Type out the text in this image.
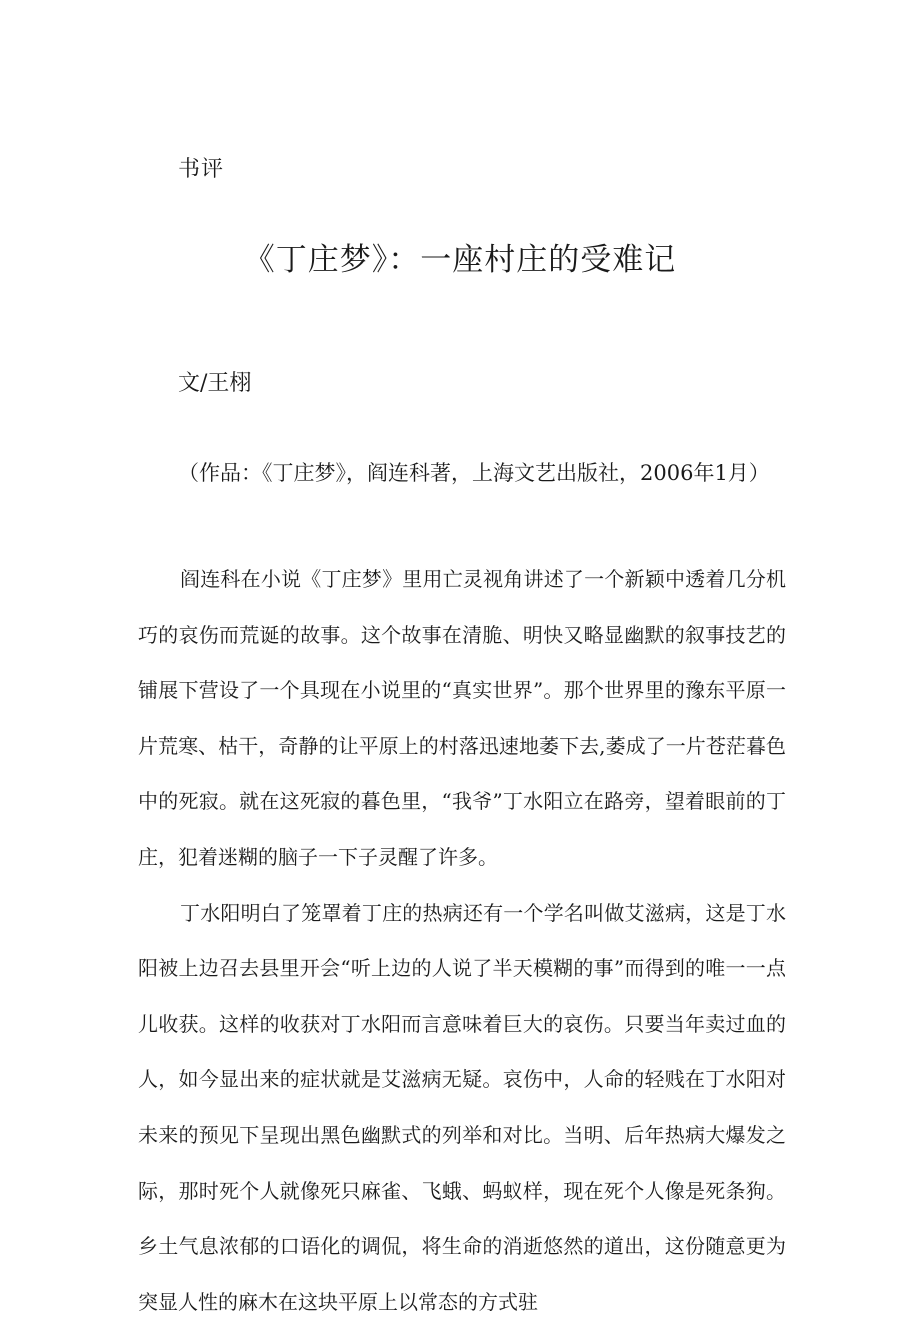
书评
《丁庄梦》：一座村庄的受难记
文/王栩
（作品：《丁庄梦》，阎连科著，上海文艺出版社，2006年1月）

阎连科在小说《丁庄梦》里用亡灵视角讲述了一个新颖中透着几分机巧的哀伤而荒诞的故事。这个故事在清脆、明快又略显幽默的叙事技艺的铺展下营设了一个具现在小说里的“真实世界”。那个世界里的豫东平原一片荒寒、枯干，奇静的让平原上的村落迅速地萎下去,萎成了一片苍茫暮色中的死寂。就在这死寂的暮色里，“我爷”丁水阳立在路旁，望着眼前的丁庄，犯着迷糊的脑子一下子灵醒了许多。

丁水阳明白了笼罩着丁庄的热病还有一个学名叫做艾滋病，这是丁水阳被上边召去县里开会“听上边的人说了半天模糊的事”而得到的唯一一点儿收获。这样的收获对丁水阳而言意味着巨大的哀伤。只要当年卖过血的人，如今显出来的症状就是艾滋病无疑。哀伤中，人命的轻贱在丁水阳对未来的预见下呈现出黑色幽默式的列举和对比。当明、后年热病大爆发之际，那时死个人就像死只麻雀、飞蛾、蚂蚁样，现在死个人像是死条狗。乡土气息浓郁的口语化的调侃，将生命的消逝悠然的道出，这份随意更为突显人性的麻木在这块平原上以常态的方式驻
